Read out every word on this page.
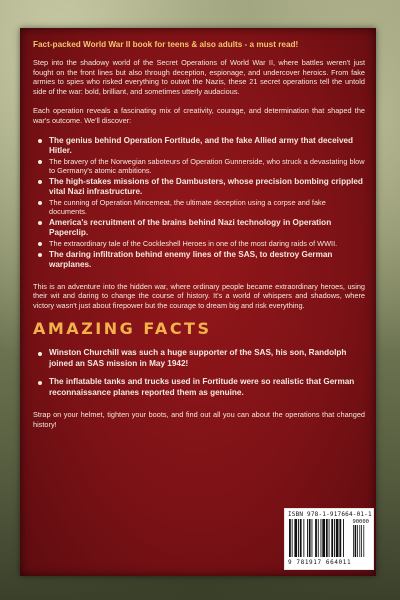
Fact-packed World War II book for teens & also adults - a must read!

Step into the shadowy world of the Secret Operations of World War II, where battles weren't just fought on the front lines but also through deception, espionage, and undercover heroics. From fake armies to spies who risked everything to outwit the Nazis, these 21 secret operations tell the untold side of the war: bold, brilliant, and sometimes utterly audacious.

Each operation reveals a fascinating mix of creativity, courage, and determination that shaped the war's outcome. We'll discover:

The genius behind Operation Fortitude, and the fake Allied army that deceived Hitler.
The bravery of the Norwegian saboteurs of Operation Gunnerside, who struck a devastating blow to Germany's atomic ambitions.
The high-stakes missions of the Dambusters, whose precision bombing crippled vital Nazi infrastructure.
The cunning of Operation Mincemeat, the ultimate deception using a corpse and fake documents.
America's recruitment of the brains behind Nazi technology in Operation Paperclip.
The extraordinary tale of the Cockleshell Heroes in one of the most daring raids of WWII.
The daring infiltration behind enemy lines of the SAS, to destroy German warplanes.

This is an adventure into the hidden war, where ordinary people became extraordinary heroes, using their wit and daring to change the course of history. It's a world of whispers and shadows, where victory wasn't just about firepower but the courage to dream big and risk everything.

AMAZING FACTS
Winston Churchill was such a huge supporter of the SAS, his son, Randolph joined an SAS mission in May 1942!
The inflatable tanks and trucks used in Fortitude were so realistic that German reconnaissance planes reported them as genuine.

Strap on your helmet, tighten your boots, and find out all you can about the operations that changed history!

ISBN 978-1-917664-01-1
90000
9 781917 664011
